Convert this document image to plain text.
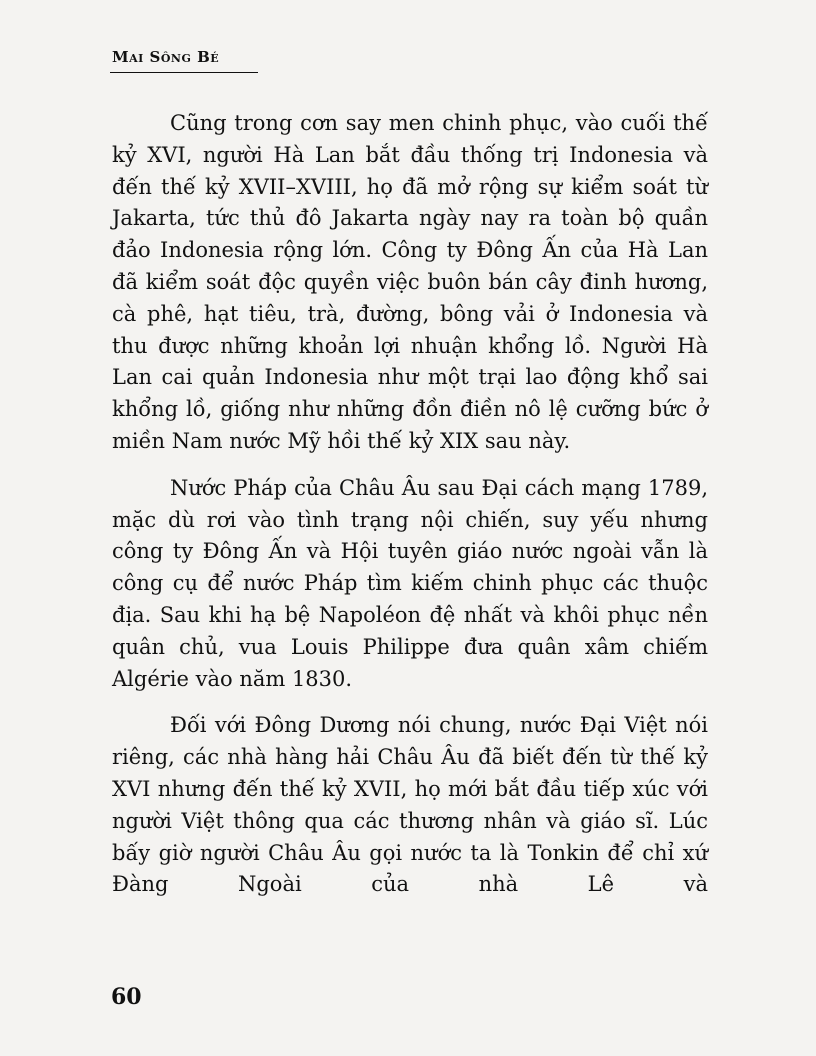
Mai Sông Bé

Cũng trong cơn say men chinh phục, vào cuối thế kỷ XVI, người Hà Lan bắt đầu thống trị Indonesia và đến thế kỷ XVII–XVIII, họ đã mở rộng sự kiểm soát từ Jakarta, tức thủ đô Jakarta ngày nay ra toàn bộ quần đảo Indonesia rộng lớn. Công ty Đông Ấn của Hà Lan đã kiểm soát độc quyền việc buôn bán cây đinh hương, cà phê, hạt tiêu, trà, đường, bông vải ở Indonesia và thu được những khoản lợi nhuận khổng lồ. Người Hà Lan cai quản Indonesia như một trại lao động khổ sai khổng lồ, giống như những đồn điền nô lệ cưỡng bức ở miền Nam nước Mỹ hồi thế kỷ XIX sau này.

Nước Pháp của Châu Âu sau Đại cách mạng 1789, mặc dù rơi vào tình trạng nội chiến, suy yếu nhưng công ty Đông Ấn và Hội tuyên giáo nước ngoài vẫn là công cụ để nước Pháp tìm kiếm chinh phục các thuộc địa. Sau khi hạ bệ Napoléon đệ nhất và khôi phục nền quân chủ, vua Louis Philippe đưa quân xâm chiếm Algérie vào năm 1830.

Đối với Đông Dương nói chung, nước Đại Việt nói riêng, các nhà hàng hải Châu Âu đã biết đến từ thế kỷ XVI nhưng đến thế kỷ XVII, họ mới bắt đầu tiếp xúc với người Việt thông qua các thương nhân và giáo sĩ. Lúc bấy giờ người Châu Âu gọi nước ta là Tonkin để chỉ xứ Đàng Ngoài của nhà Lê và

60
